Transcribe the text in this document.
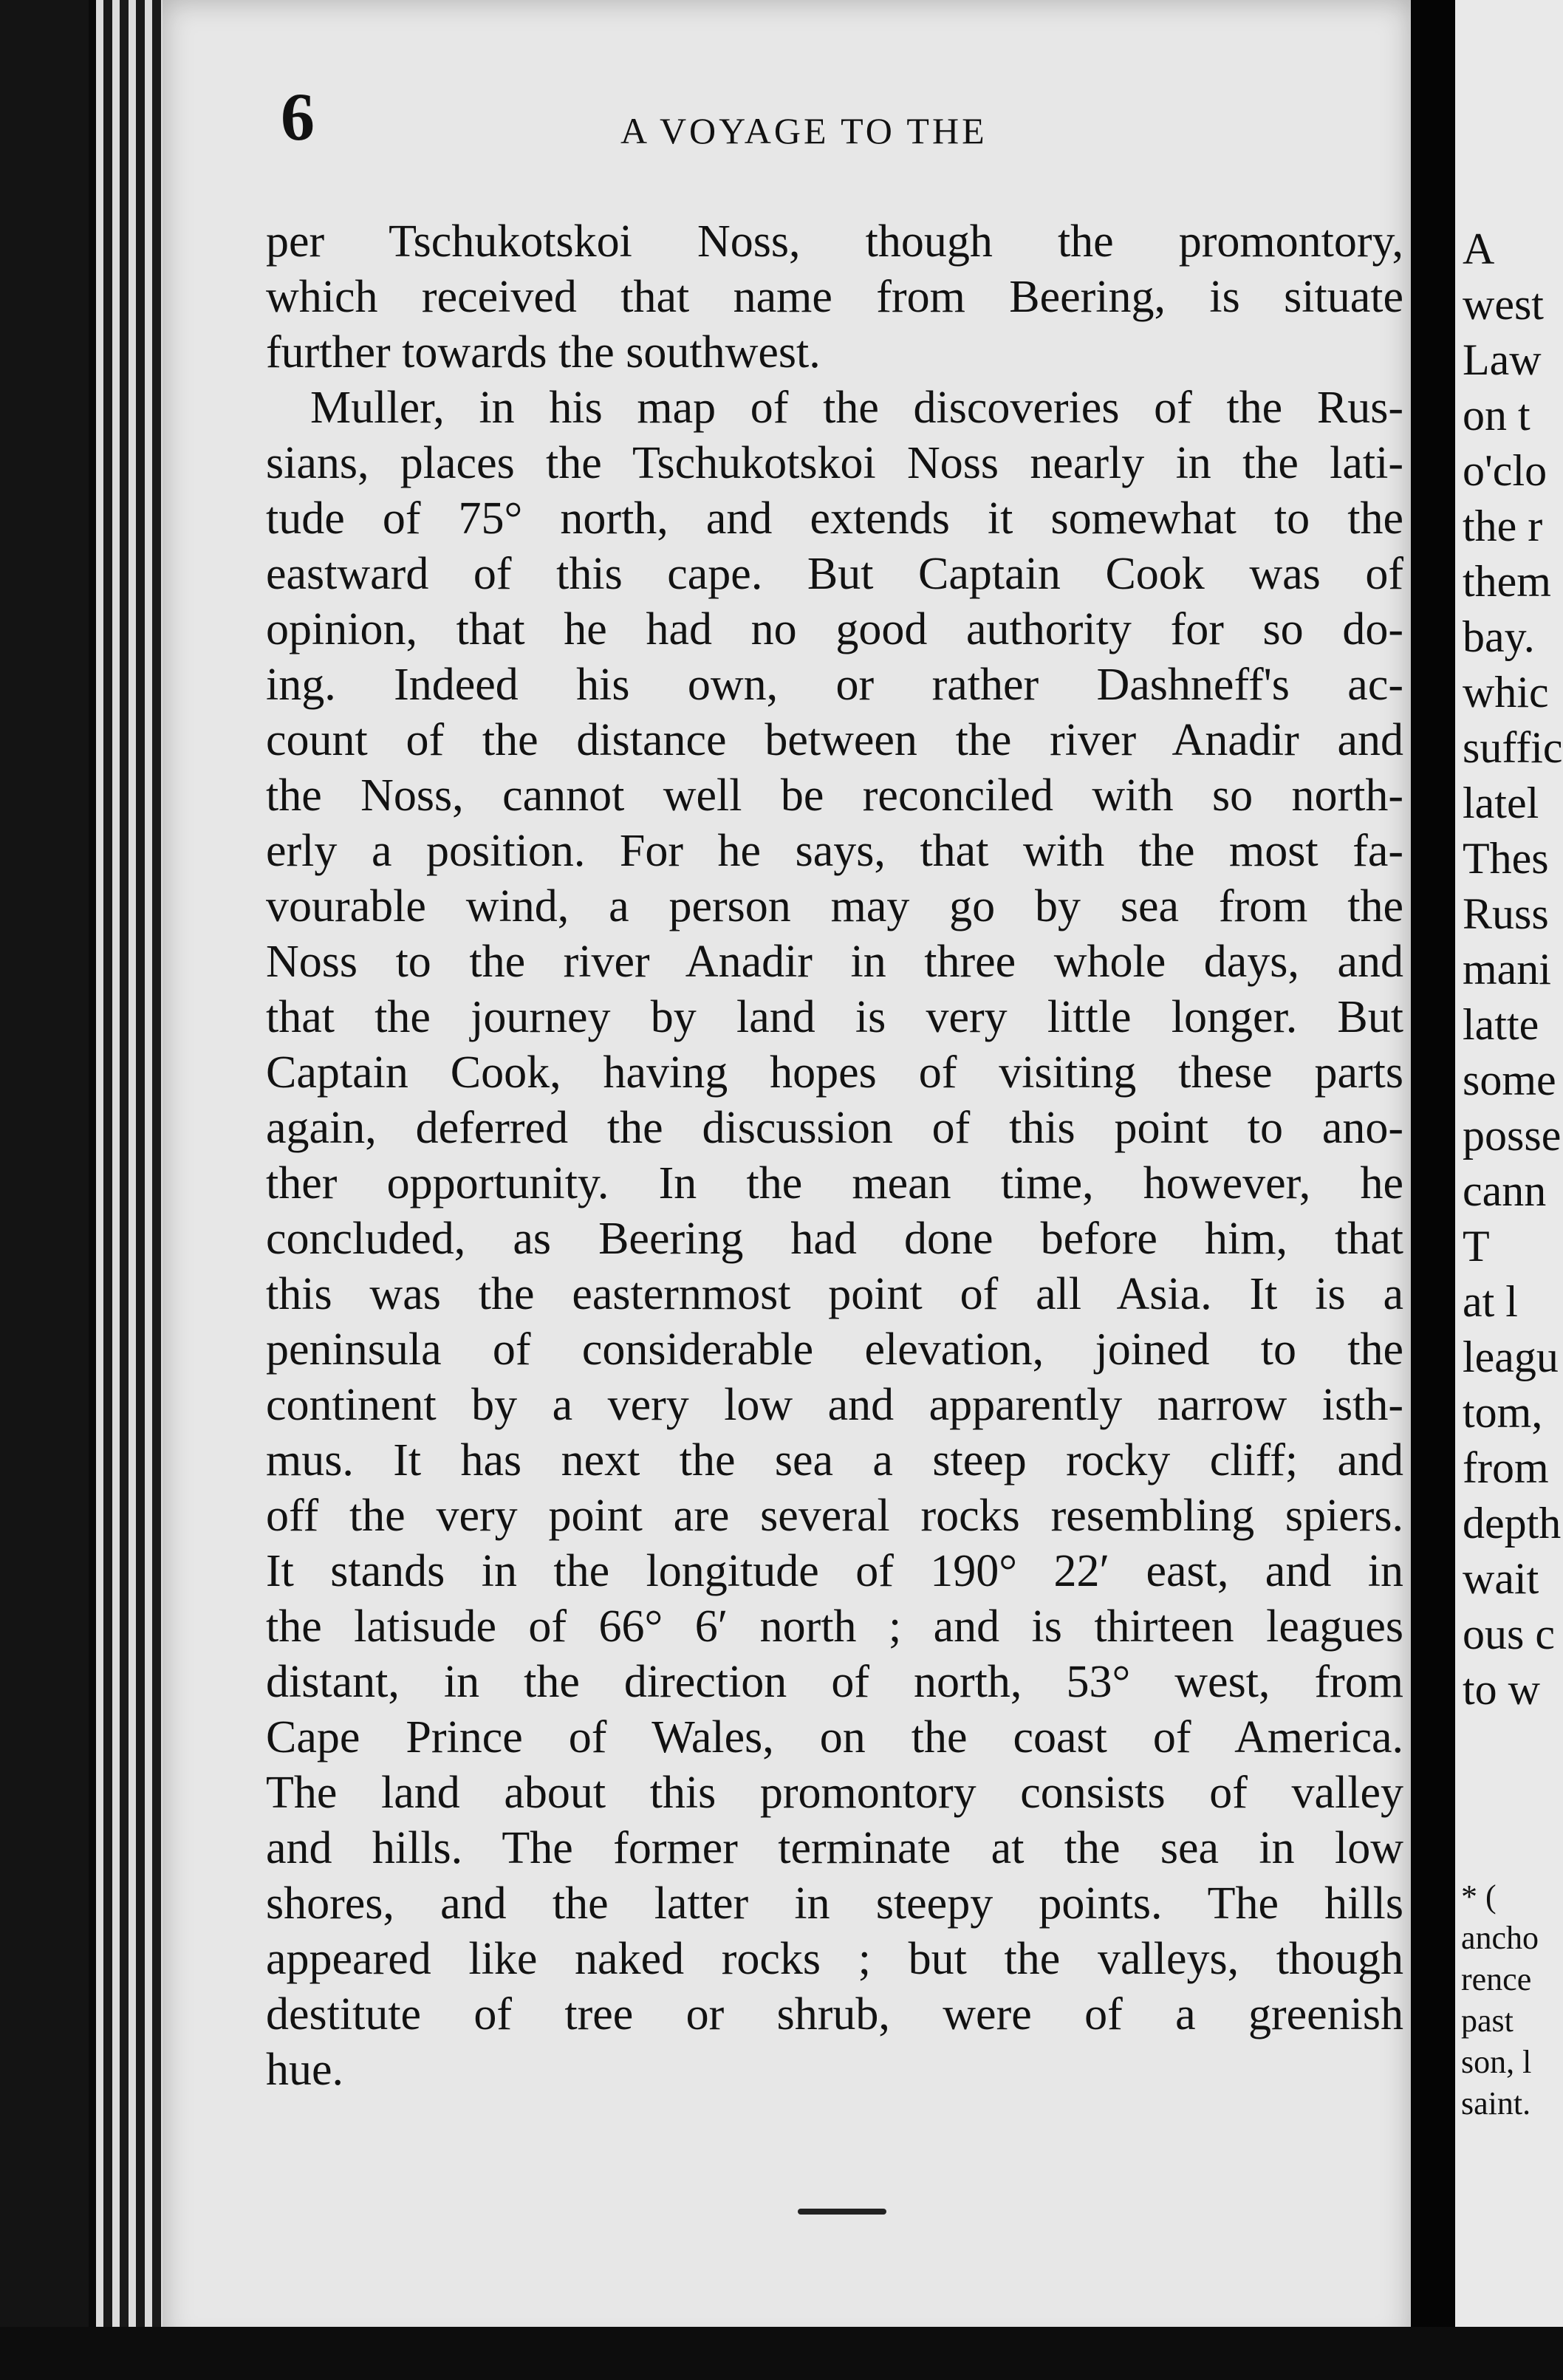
6	A VOYAGE TO THE
per Tschukotskoi Noss, though the promontory,
which received that name from Beering, is situate
further towards the southwest.
Muller, in his map of the discoveries of the Rus-
sians, places the Tschukotskoi Noss nearly in the lati-
tude of 75° north, and extends it somewhat to the
eastward of this cape. But Captain Cook was of
opinion, that he had no good authority for so do-
ing. Indeed his own, or rather Dashneff's ac-
count of the distance between the river Anadir and
the Noss, cannot well be reconciled with so north-
erly a position. For he says, that with the most fa-
vourable wind, a person may go by sea from the
Noss to the river Anadir in three whole days, and
that the journey by land is very little longer. But
Captain Cook, having hopes of visiting these parts
again, deferred the discussion of this point to ano-
ther opportunity. In the mean time, however, he
concluded, as Beering had done before him, that
this was the easternmost point of all Asia. It is a
peninsula of considerable elevation, joined to the
continent by a very low and apparently narrow isth-
mus. It has next the sea a steep rocky cliff; and
off the very point are several rocks resembling spiers.
It stands in the longitude of 190° 22′ east, and in
the latisude of 66° 6′ north ; and is thirteen leagues
distant, in the direction of north, 53° west, from
Cape Prince of Wales, on the coast of America.
The land about this promontory consists of valley
and hills. The former terminate at the sea in low
shores, and the latter in steepy points. The hills
appeared like naked rocks ; but the valleys, though
destitute of tree or shrub, were of a greenish
hue.
A
west
Law
on t
o'clo
the r
them
bay.
whic
suffic
latel
Thes
Russ
mani
latte
some
posse
cann
T
at l
leagu
tom,
from
depth
wait
ous c
to w
* (
ancho
rence
past
son, l
saint.
